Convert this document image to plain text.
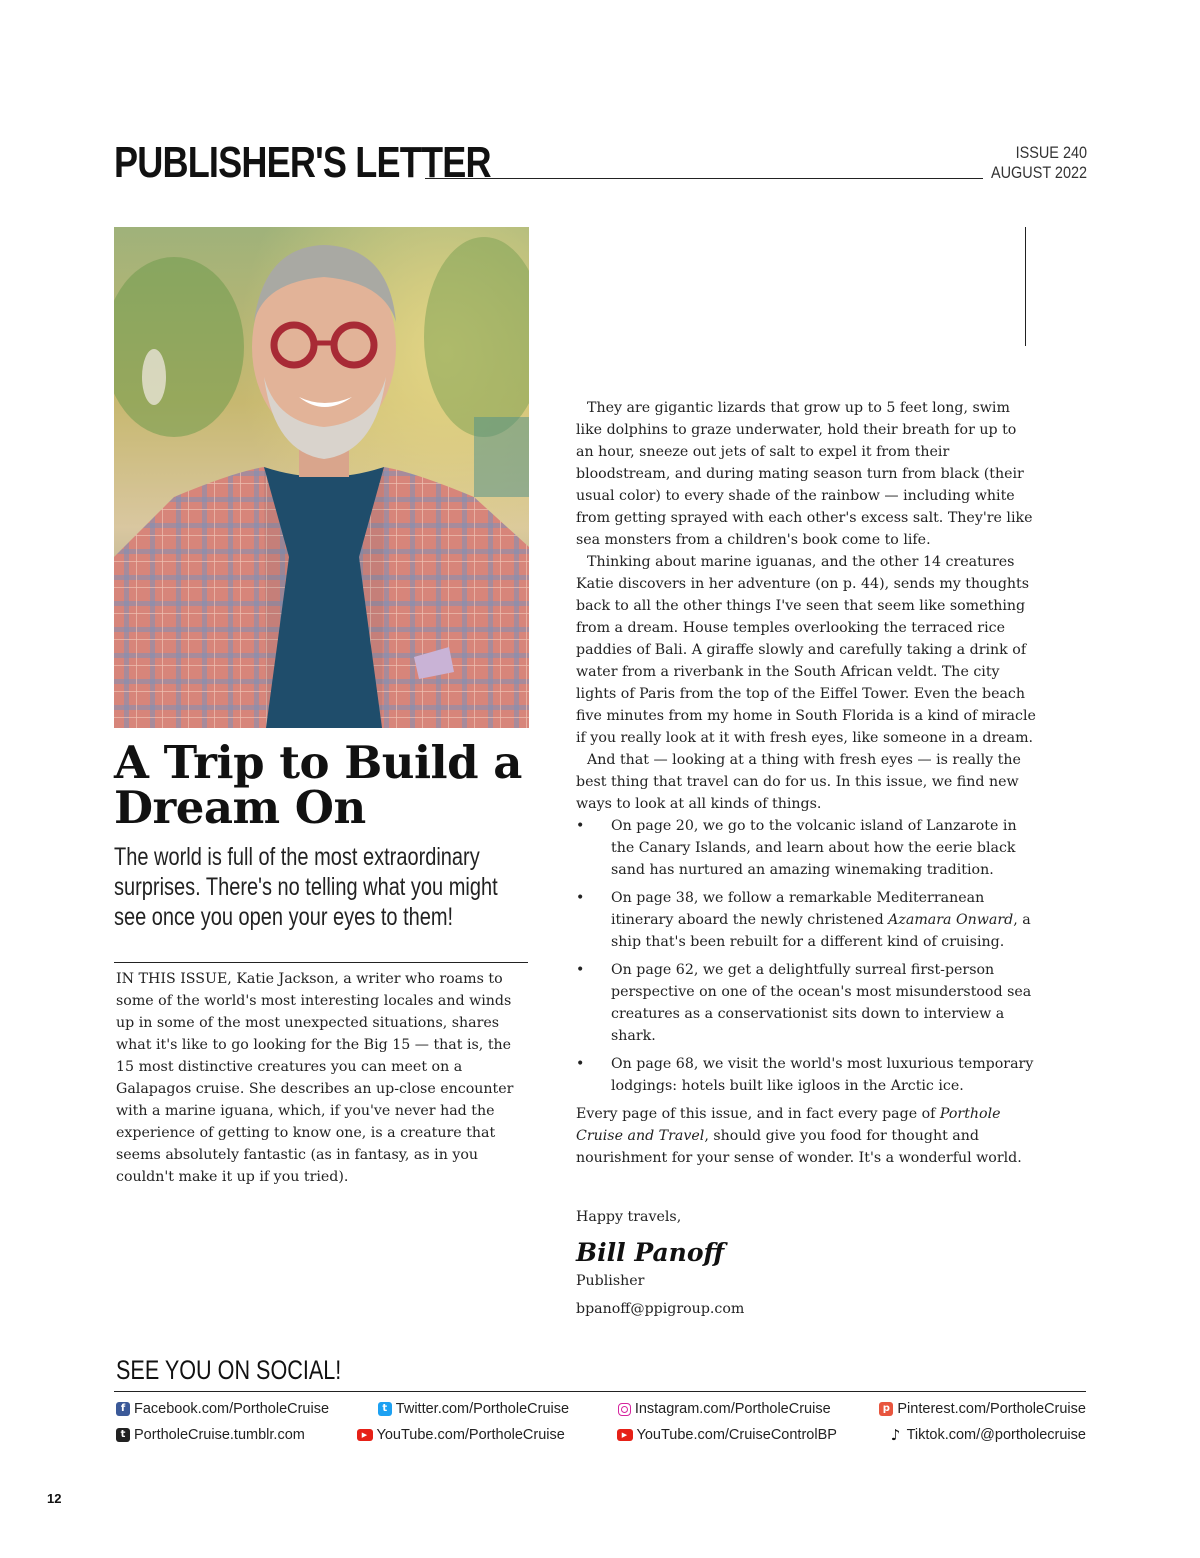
PUBLISHER'S LETTER	ISSUE 240
AUGUST 2022
A Trip to Build a Dream On
The world is full of the most extraordinary surprises. There's no telling what you might see once you open your eyes to them!
IN THIS ISSUE, Katie Jackson, a writer who roams to some of the world's most interesting locales and winds up in some of the most unexpected situations, shares what it's like to go looking for the Big 15 — that is, the 15 most distinctive creatures you can meet on a Galapagos cruise. She describes an up-close encounter with a marine iguana, which, if you've never had the experience of getting to know one, is a creature that seems absolutely fantastic (as in fantasy, as in you couldn't make it up if you tried).

They are gigantic lizards that grow up to 5 feet long, swim like dolphins to graze underwater, hold their breath for up to an hour, sneeze out jets of salt to expel it from their bloodstream, and during mating season turn from black (their usual color) to every shade of the rainbow — including white from getting sprayed with each other's excess salt. They're like sea monsters from a children's book come to life.

Thinking about marine iguanas, and the other 14 creatures Katie discovers in her adventure (on p. 44), sends my thoughts back to all the other things I've seen that seem like something from a dream. House temples overlooking the terraced rice paddies of Bali. A giraffe slowly and carefully taking a drink of water from a riverbank in the South African veldt. The city lights of Paris from the top of the Eiffel Tower. Even the beach five minutes from my home in South Florida is a kind of miracle if you really look at it with fresh eyes, like someone in a dream.

And that — looking at a thing with fresh eyes — is really the best thing that travel can do for us. In this issue, we find new ways to look at all kinds of things.

• On page 20, we go to the volcanic island of Lanzarote in the Canary Islands, and learn about how the eerie black sand has nurtured an amazing winemaking tradition.
• On page 38, we follow a remarkable Mediterranean itinerary aboard the newly christened Azamara Onward, a ship that's been rebuilt for a different kind of cruising.
• On page 62, we get a delightfully surreal first-person perspective on one of the ocean's most misunderstood sea creatures as a conservationist sits down to interview a shark.
• On page 68, we visit the world's most luxurious temporary lodgings: hotels built like igloos in the Arctic ice.

Every page of this issue, and in fact every page of Porthole Cruise and Travel, should give you food for thought and nourishment for your sense of wonder. It's a wonderful world.

Happy travels,
Bill Panoff
Publisher
bpanoff@ppigroup.com
SEE YOU ON SOCIAL!
f Facebook.com/PortholeCruise	t Twitter.com/PortholeCruise	Instagram.com/PortholeCruise	p Pinterest.com/PortholeCruise
t PortholeCruise.tumblr.com	▶ YouTube.com/PortholeCruise	▶ YouTube.com/CruiseControlBP	♪ Tiktok.com/@portholecruise
12
